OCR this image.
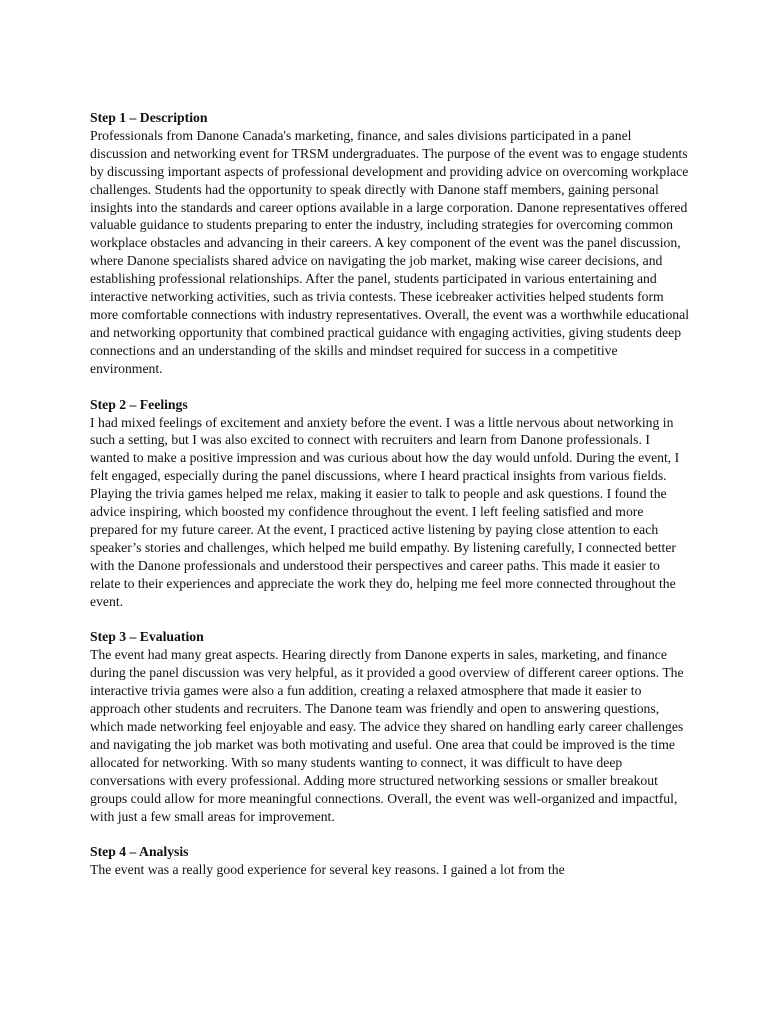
Step 1 – Description
Professionals from Danone Canada's marketing, finance, and sales divisions participated in a panel discussion and networking event for TRSM undergraduates. The purpose of the event was to engage students by discussing important aspects of professional development and providing advice on overcoming workplace challenges. Students had the opportunity to speak directly with Danone staff members, gaining personal insights into the standards and career options available in a large corporation. Danone representatives offered valuable guidance to students preparing to enter the industry, including strategies for overcoming common workplace obstacles and advancing in their careers. A key component of the event was the panel discussion, where Danone specialists shared advice on navigating the job market, making wise career decisions, and establishing professional relationships. After the panel, students participated in various entertaining and interactive networking activities, such as trivia contests. These icebreaker activities helped students form more comfortable connections with industry representatives. Overall, the event was a worthwhile educational and networking opportunity that combined practical guidance with engaging activities, giving students deep connections and an understanding of the skills and mindset required for success in a competitive environment.
Step 2 – Feelings
I had mixed feelings of excitement and anxiety before the event. I was a little nervous about networking in such a setting, but I was also excited to connect with recruiters and learn from Danone professionals. I wanted to make a positive impression and was curious about how the day would unfold. During the event, I felt engaged, especially during the panel discussions, where I heard practical insights from various fields. Playing the trivia games helped me relax, making it easier to talk to people and ask questions. I found the advice inspiring, which boosted my confidence throughout the event. I left feeling satisfied and more prepared for my future career. At the event, I practiced active listening by paying close attention to each speaker’s stories and challenges, which helped me build empathy. By listening carefully, I connected better with the Danone professionals and understood their perspectives and career paths. This made it easier to relate to their experiences and appreciate the work they do, helping me feel more connected throughout the event.
Step 3 – Evaluation
The event had many great aspects. Hearing directly from Danone experts in sales, marketing, and finance during the panel discussion was very helpful, as it provided a good overview of different career options. The interactive trivia games were also a fun addition, creating a relaxed atmosphere that made it easier to approach other students and recruiters. The Danone team was friendly and open to answering questions, which made networking feel enjoyable and easy. The advice they shared on handling early career challenges and navigating the job market was both motivating and useful. One area that could be improved is the time allocated for networking. With so many students wanting to connect, it was difficult to have deep conversations with every professional. Adding more structured networking sessions or smaller breakout groups could allow for more meaningful connections. Overall, the event was well-organized and impactful, with just a few small areas for improvement.
Step 4 – Analysis
The event was a really good experience for several key reasons. I gained a lot from the
